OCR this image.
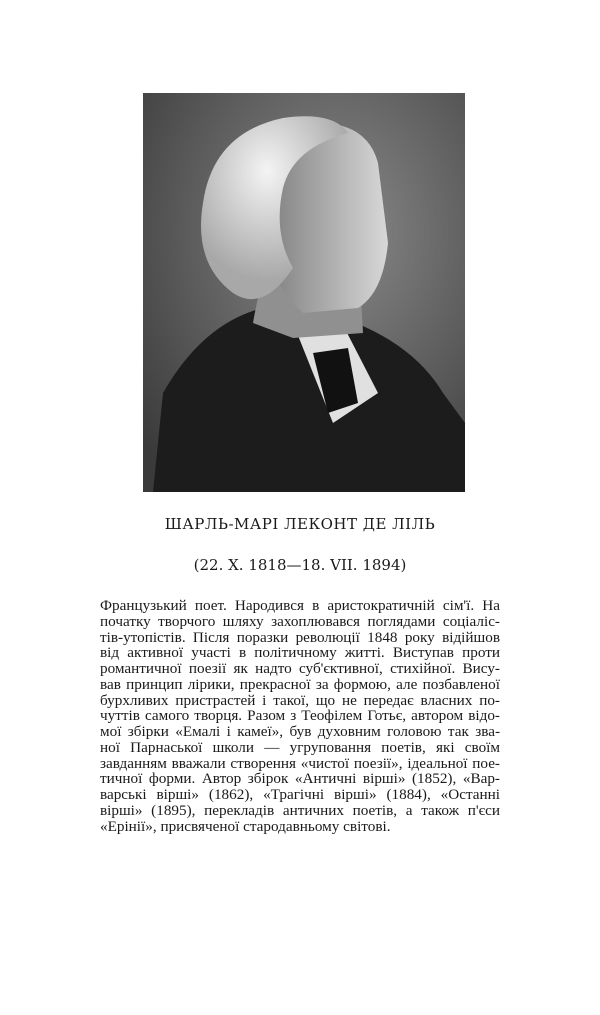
ШАРЛЬ-МАРІ ЛЕКОНТ ДЕ ЛІЛЬ
(22. X. 1818—18. VII. 1894)
Французький поет. Народився в аристократичній сім'ї. На
початку творчого шляху захоплювався поглядами соціаліс-
тів-утопістів. Після поразки революції 1848 року відійшов
від активної участі в політичному житті. Виступав проти
романтичної поезії як надто суб'єктивної, стихійної. Вису-
вав принцип лірики, прекрасної за формою, але позбавленої
бурхливих пристрастей і такої, що не передає власних по-
чуттів самого творця. Разом з Теофілем Готьє, автором відо-
мої збірки «Емалі і камеї», був духовним головою так зва-
ної Парнаської школи — угруповання поетів, які своїм
завданням вважали створення «чистої поезії», ідеальної пое-
тичної форми. Автор збірок «Античні вірші» (1852), «Вар-
варські вірші» (1862), «Трагічні вірші» (1884), «Останні
вірші» (1895), перекладів античних поетів, а також п'єси
«Ерінії», присвяченої стародавньому світові.
